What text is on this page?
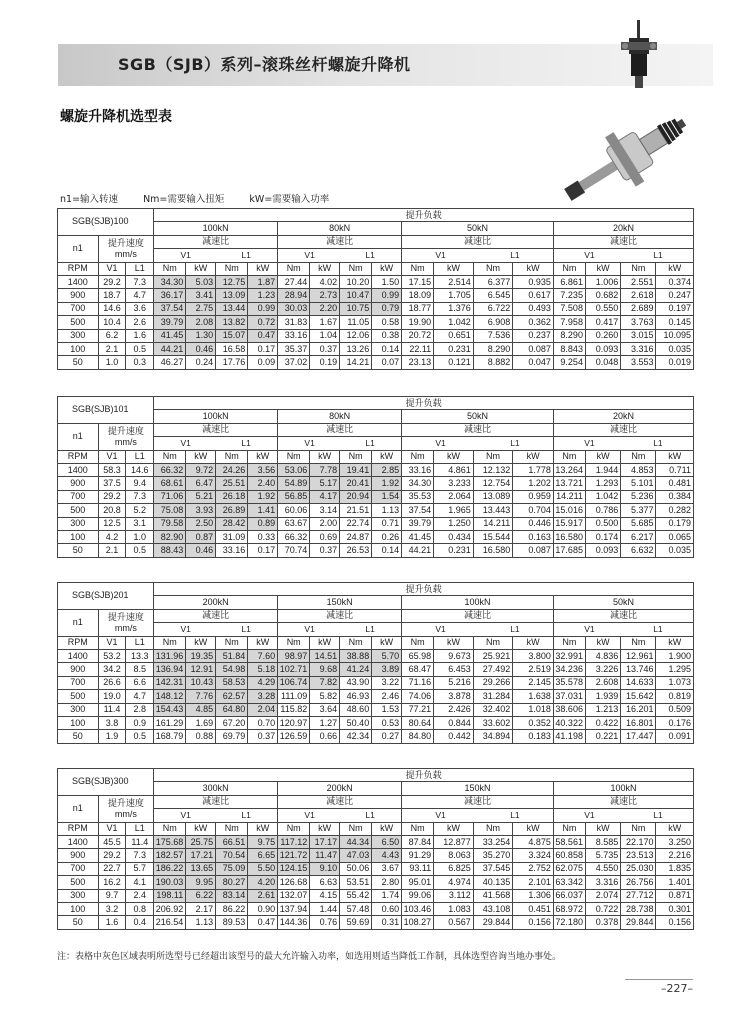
SGB（SJB）系列–滚珠丝杆螺旋升降机
螺旋升降机选型表
n1=输入转速	Nm=需要输入扭矩	kW=需要输入功率
SGB(SJB)100			提升负载															
			100kN				80kN				50kN				20kN			
n1	提升速度
mm/s		减速比				减速比				减速比				减速比			

			V1 L1				V1 L1				V1 L1				V1 L1			

RPM	V1	L1	Nm	kW	Nm	kW	Nm	kW	Nm	kW	Nm	kW	Nm	kW	Nm	kW	Nm	kW
1400	29.2	7.3	34.30	5.03	12.75	1.87	27.44	4.02	10.20	1.50	17.15	2.514	6.377	0.935	6.861	1.006	2.551	0.374
900	18.7	4.7	36.17	3.41	13.09	1.23	28.94	2.73	10.47	0.99	18.09	1.705	6.545	0.617	7.235	0.682	2.618	0.247
700	14.6	3.6	37.54	2.75	13.44	0.99	30.03	2.20	10.75	0.79	18.77	1.376	6.722	0.493	7.508	0.550	2.689	0.197
500	10.4	2.6	39.79	2.08	13.82	0.72	31.83	1.67	11.05	0.58	19.90	1.042	6.908	0.362	7.958	0.417	3.763	0.145
300	6.2	1.6	41.45	1.30	15.07	0.47	33.16	1.04	12.06	0.38	20.72	0.651	7.536	0.237	8.290	0.260	3.015	10.095
100	2.1	0.5	44.21	0.46	16.58	0.17	35.37	0.37	13.26	0.14	22.11	0.231	8.290	0.087	8.843	0.093	3.316	0.035
50	1.0	0.3	46.27	0.24	17.76	0.09	37.02	0.19	14.21	0.07	23.13	0.121	8.882	0.047	9.254	0.048	3.553	0.019
SGB(SJB)101			提升负载															
			100kN				80kN				50kN				20kN			
n1	提升速度
mm/s		减速比				减速比				减速比				减速比			

			V1 L1				V1 L1				V1 L1				V1 L1			

RPM	V1	L1	Nm	kW	Nm	kW	Nm	kW	Nm	kW	Nm	kW	Nm	kW	Nm	kW	Nm	kW
1400	58.3	14.6	66.32	9.72	24.26	3.56	53.06	7.78	19.41	2.85	33.16	4.861	12.132	1.778	13.264	1.944	4.853	0.711
900	37.5	9.4	68.61	6.47	25.51	2.40	54.89	5.17	20.41	1.92	34.30	3.233	12.754	1.202	13.721	1.293	5.101	0.481
700	29.2	7.3	71.06	5.21	26.18	1.92	56.85	4.17	20.94	1.54	35.53	2.064	13.089	0.959	14.211	1.042	5.236	0.384
500	20.8	5.2	75.08	3.93	26.89	1.41	60.06	3.14	21.51	1.13	37.54	1.965	13.443	0.704	15.016	0.786	5.377	0.282
300	12.5	3.1	79.58	2.50	28.42	0.89	63.67	2.00	22.74	0.71	39.79	1.250	14.211	0.446	15.917	0.500	5.685	0.179
100	4.2	1.0	82.90	0.87	31.09	0.33	66.32	0.69	24.87	0.26	41.45	0.434	15.544	0.163	16.580	0.174	6.217	0.065
50	2.1	0.5	88.43	0.46	33.16	0.17	70.74	0.37	26.53	0.14	44.21	0.231	16.580	0.087	17.685	0.093	6.632	0.035
SGB(SJB)201			提升负载															
			200kN				150kN				100kN				50kN			
n1	提升速度
mm/s		减速比				减速比				减速比				减速比			

			V1 L1				V1 L1				V1 L1				V1 L1			

RPM	V1	L1	Nm	kW	Nm	kW	Nm	kW	Nm	kW	Nm	kW	Nm	kW	Nm	kW	Nm	kW
1400	53.2	13.3	131.96	19.35	51.84	7.60	98.97	14.51	38.88	5.70	65.98	9.673	25.921	3.800	32.991	4.836	12.961	1.900
900	34.2	8.5	136.94	12.91	54.98	5.18	102.71	9.68	41.24	3.89	68.47	6.453	27.492	2.519	34.236	3.226	13.746	1.295
700	26.6	6.6	142.31	10.43	58.53	4.29	106.74	7.82	43.90	3.22	71.16	5.216	29.266	2.145	35.578	2.608	14.633	1.073
500	19.0	4.7	148.12	7.76	62.57	3.28	111.09	5.82	46.93	2.46	74.06	3.878	31.284	1.638	37.031	1.939	15.642	0.819
300	11.4	2.8	154.43	4.85	64.80	2.04	115.82	3.64	48.60	1.53	77.21	2.426	32.402	1.018	38.606	1.213	16.201	0.509
100	3.8	0.9	161.29	1.69	67.20	0.70	120.97	1.27	50.40	0.53	80.64	0.844	33.602	0.352	40.322	0.422	16.801	0.176
50	1.9	0.5	168.79	0.88	69.79	0.37	126.59	0.66	42.34	0.27	84.80	0.442	34.894	0.183	41.198	0.221	17.447	0.091
SGB(SJB)300			提升负载															
			300kN				200kN				150kN				100kN			
n1	提升速度
mm/s		减速比				减速比				减速比				减速比			

			V1 L1				V1 L1				V1 L1				V1 L1			

RPM	V1	L1	Nm	kW	Nm	kW	Nm	kW	Nm	kW	Nm	kW	Nm	kW	Nm	kW	Nm	kW
1400	45.5	11.4	175.68	25.75	66.51	9.75	117.12	17.17	44.34	6.50	87.84	12.877	33.254	4.875	58.561	8.585	22.170	3.250
900	29.2	7.3	182.57	17.21	70.54	6.65	121.72	11.47	47.03	4.43	91.29	8.063	35.270	3.324	60.858	5.735	23.513	2.216
700	22.7	5.7	186.22	13.65	75.09	5.50	124.15	9.10	50.06	3.67	93.11	6.825	37.545	2.752	62.075	4.550	25.030	1.835
500	16.2	4.1	190.03	9.95	80.27	4.20	126.68	6.63	53.51	2.80	95.01	4.974	40.135	2.101	63.342	3.316	26.756	1.401
300	9.7	2.4	198.11	6.22	83.14	2.61	132.07	4.15	55.42	1.74	99.06	3.112	41.568	1.306	66.037	2.074	27.712	0.871
100	3.2	0.8	206.92	2.17	86.22	0.90	137.94	1.44	57.48	0.60	103.46	1.083	43.108	0.451	68.972	0.722	28.738	0.301
50	1.6	0.4	216.54	1.13	89.53	0.47	144.36	0.76	59.69	0.31	108.27	0.567	29.844	0.156	72.180	0.378	29.844	0.156
注：表格中灰色区域表明所选型号已经超出该型号的最大允许输入功率，如选用则适当降低工作制，具体选型咨询当地办事处。
–227–
